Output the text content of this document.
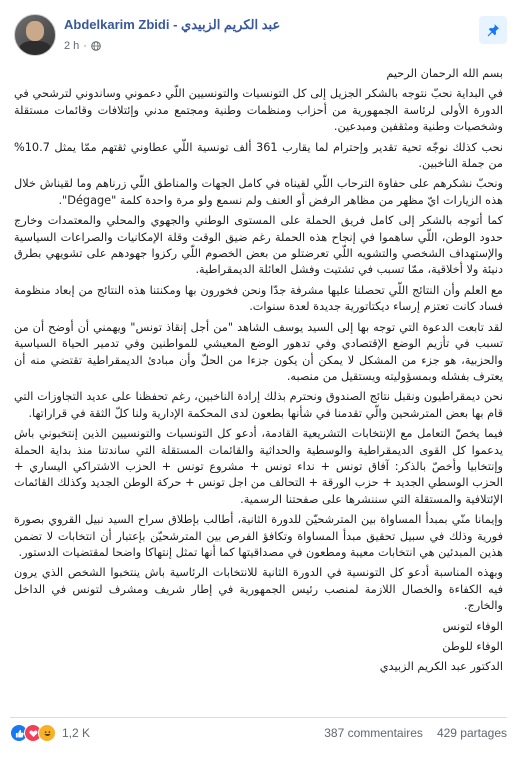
Abdelkarim Zbidi - عبد الكريم الزبيدي
2 h ·

بسم الله الرحمان الرحيم

في البداية نحبّ نتوجه بالشكر الجزيل إلى كل التونسيات والتونسيين اللّي دعموني وساندوني لترشحي في الدورة الأولى لرئاسة الجمهورية من أحزاب ومنظمات وطنية ومجتمع مدني وإئتلافات وقائمات مستقلة وشخصيات وطنية ومثقفين ومبدعين.

نحب كذلك نوجّه تحية تقدير وإحترام لما يقارب 361 ألف تونسية اللّي عطاوني ثقتهم ممّا يمثل 10.7% من جملة الناخبين.

ونحبّ نشكرهم على حفاوة الترحاب اللّي لقيناه في كامل الجهات والمناطق اللّي زرناهم وما لقيناش خلال هذه الزيارات ايّ مظهر من مظاهر الرفض أو العنف ولم نسمع ولو مرة واحدة كلمة "Dégage".

كما أتوجه بالشكر إلى كامل فريق الحملة على المستوى الوطني والجهوي والمحلي والمعتمدات وخارج حدود الوطن، اللّي ساهموا في إنجاح هذه الحملة رغم ضيق الوقت وقلة الإمكانيات والصراعات السياسية والإستهداف الشخصي والتشويه اللّي تعرضتلو من بعض الخصوم اللّي ركزوا جهودهم على تشويهي بطرق دنيئة ولا أخلاقية، ممّا تسبب في تشتيت وفشل العائلة الديمقراطية.

مع العلم وأن النتائج اللّي تحصلنا عليها مشرفة جدّا ونحن فخورون بها ومكنتنا هذه النتائج من إبعاد منظومة فساد كانت تعتزم إرساء ديكتاتورية جديدة لعدة سنوات.

لقد تابعت الدعوة التي توجه بها إلى السيد يوسف الشاهد "من أجل إنقاذ تونس" ويهمني أن أوضح أن من تسبب في تأزيم الوضع الإقتصادي وفي تدهور الوضع المعيشي للمواطنين وفي تدمير الحياة السياسية والحزبية، هو جزء من المشكل لا يمكن أن يكون جزءا من الحلّ وأن مبادئ الديمقراطية تقتضي منه أن يعترف بفشله وبمسؤوليته ويستقيل من منصبه.

نحن ديمقراطيون ونقبل نتائج الصندوق ونحترم بذلك إرادة الناخبين، رغم تحفظنا على عديد التجاوزات التي قام بها بعض المترشحين والّي تقدمنا في شأنها بطعون لدى المحكمة الإدارية ولنا كلّ الثقة في قراراتها.

فيما يخصّ التعامل مع الإنتخابات التشريعية القادمة، أدعو كل التونسيات والتونسيين الذين إنتخبوني باش يدعموا كل القوى الديمقراطية والوسطية والحداثية والقائمات المستقلة التي ساندتنا منذ بداية الحملة وإنتخابيا وأخصّ بالذكر: آفاق تونس + نداء تونس + مشروع تونس + الحزب الاشتراكي اليساري + الحزب الوسطي الجديد + حزب الورقة + التحالف من اجل تونس + حركة الوطن الجديد وكذلك القائمات الإئتلافية والمستقلة التي سننشرها على صفحتنا الرسمية.

وإيمانا منّي بمبدأ المساواة بين المترشحيّن للدورة الثانية، أطالب بإطلاق سراح السيد نبيل القروي بصورة فورية وذلك في سبيل تحقيق مبدأ المساواة وتكافؤ الفرص بين المترشحيّن بإعتبار أن انتخابات لا تضمن هذين المبدئين هي انتخابات معيبة ومطعون في مصداقيتها كما أنها تمثل إنتهاكا واضحا لمقتضيات الدستور.

وبهذه المناسبة أدعو كل التونسية في الدورة الثانية للانتخابات الرئاسية باش ينتخبوا الشخص الذي يرون فيه الكفاءة والخصال اللازمة لمنصب رئيس الجمهورية في إطار شريف ومشرف لتونس في الداخل والخارج.

الوفاء لتونس

الوفاء للوطن

الدكتور عبد الكريم الزبيدي

1,2 K	387 commentaires 429 partages
